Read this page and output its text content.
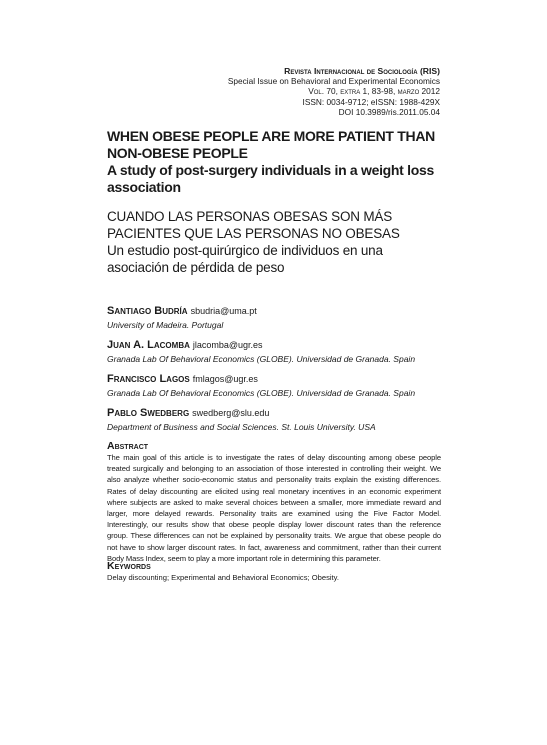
Revista Internacional de Sociología (RIS)
Special Issue on Behavioral and Experimental Economics
Vol. 70, extra 1, 83-98, marzo 2012
ISSN: 0034-9712; eISSN: 1988-429X
DOI 10.3989/ris.2011.05.04
WHEN OBESE PEOPLE ARE MORE PATIENT THAN NON-OBESE PEOPLE
A study of post-surgery individuals in a weight loss association
CUANDO LAS PERSONAS OBESAS SON MÁS PACIENTES QUE LAS PERSONAS NO OBESAS
Un estudio post-quirúrgico de individuos en una asociación de pérdida de peso
Santiago Budría sbudria@uma.pt
University of Madeira. Portugal
Juan A. Lacomba jlacomba@ugr.es
Granada Lab Of Behavioral Economics (GLOBE). Universidad de Granada. Spain
Francisco Lagos fmlagos@ugr.es
Granada Lab Of Behavioral Economics (GLOBE). Universidad de Granada. Spain
Pablo Swedberg swedberg@slu.edu
Department of Business and Social Sciences. St. Louis University. USA
Abstract
The main goal of this article is to investigate the rates of delay discounting among obese people treated surgically and belonging to an association of those interested in controlling their weight. We also analyze whether socio-economic status and personality traits explain the existing differences. Rates of delay discounting are elicited using real monetary incentives in an economic experiment where subjects are asked to make several choices between a smaller, more immediate reward and larger, more delayed rewards. Personality traits are examined using the Five Factor Model. Interestingly, our results show that obese people display lower discount rates than the reference group. These differences can not be explained by personality traits. We argue that obese people do not have to show larger discount rates. In fact, awareness and commitment, rather than their current Body Mass Index, seem to play a more important role in determining this parameter.
Keywords
Delay discounting; Experimental and Behavioral Economics; Obesity.
